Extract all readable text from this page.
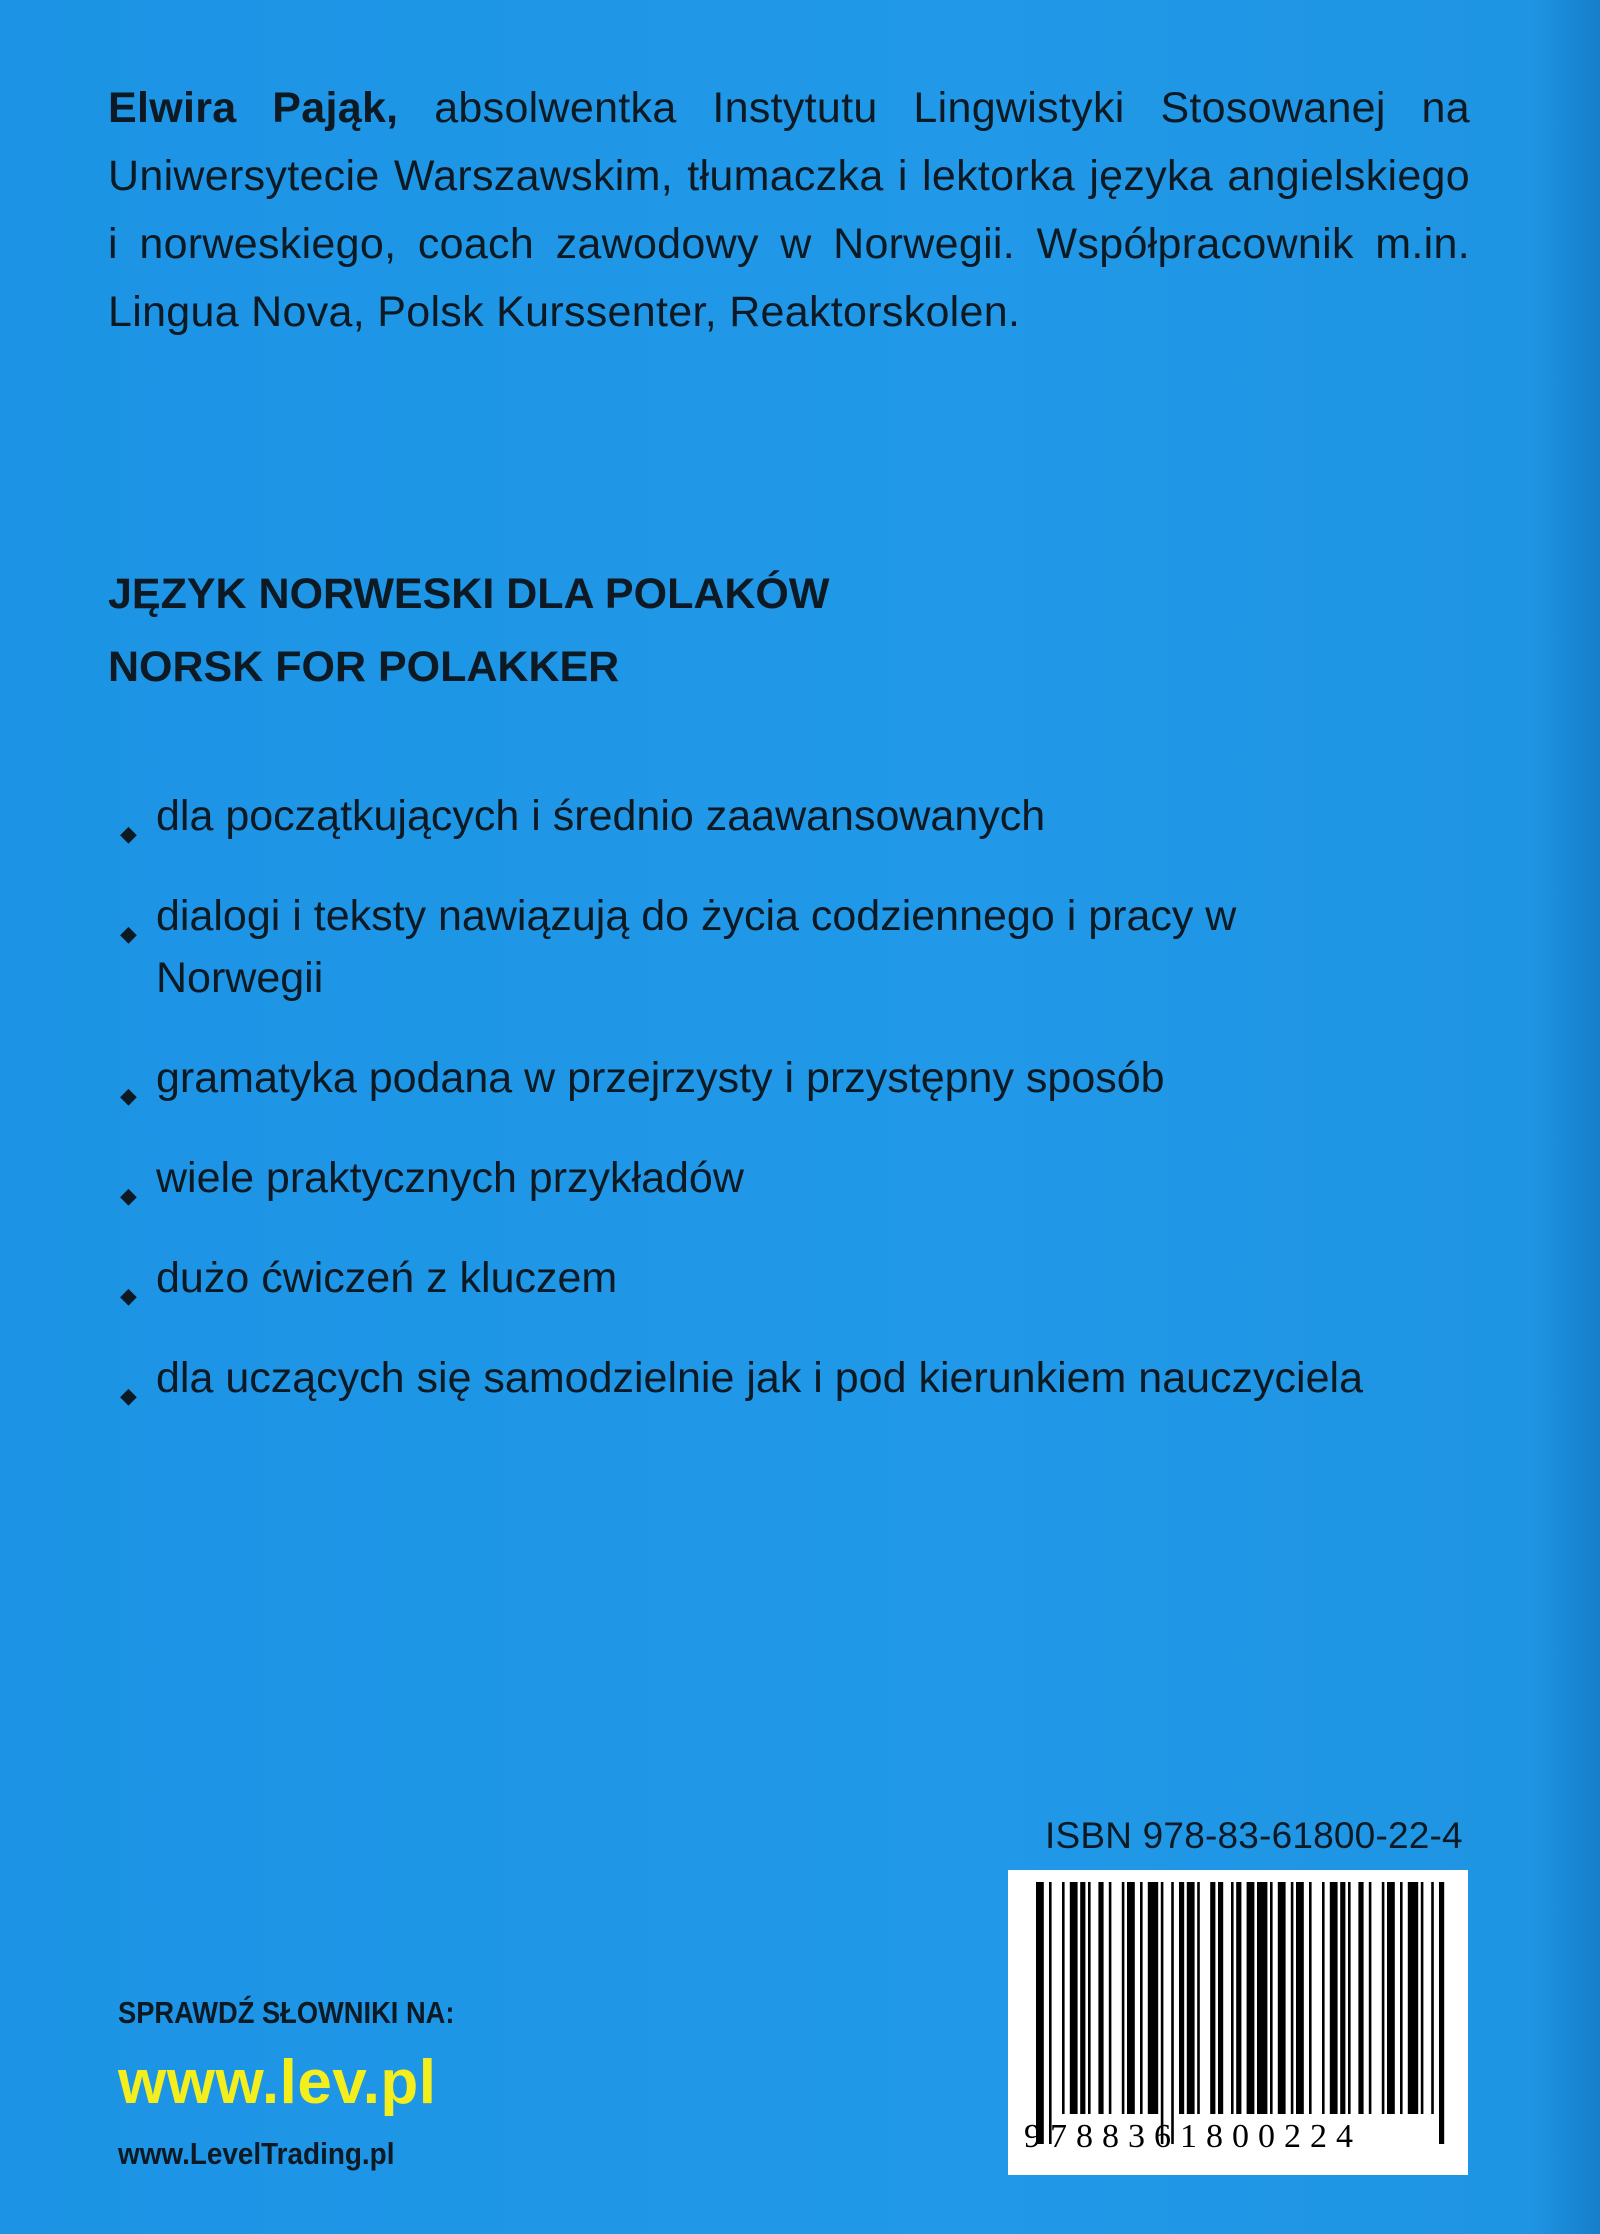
Elwira Pająk, absolwentka Instytutu Lingwistyki Stosowanej na Uniwersytecie Warszawskim, tłumaczka i lektorka języka angielskiego i norweskiego, coach zawodowy w Norwegii. Współpracownik m.in. Lingua Nova, Polsk Kurssenter, Reaktorskolen.
JĘZYK NORWESKI DLA POLAKÓW
NORSK FOR POLAKKER
◆ dla początkujących i średnio zaawansowanych
◆ dialogi i teksty nawiązują do życia codziennego i pracy w Norwegii
◆ gramatyka podana w przejrzysty i przystępny sposób
◆ wiele praktycznych przykładów
◆ dużo ćwiczeń z kluczem
◆ dla uczących się samodzielnie jak i pod kierunkiem nauczyciela
ISBN 978-83-61800-22-4
9788361800224
SPRAWDŹ SŁOWNIKI NA:
www.lev.pl
www.LevelTrading.pl
